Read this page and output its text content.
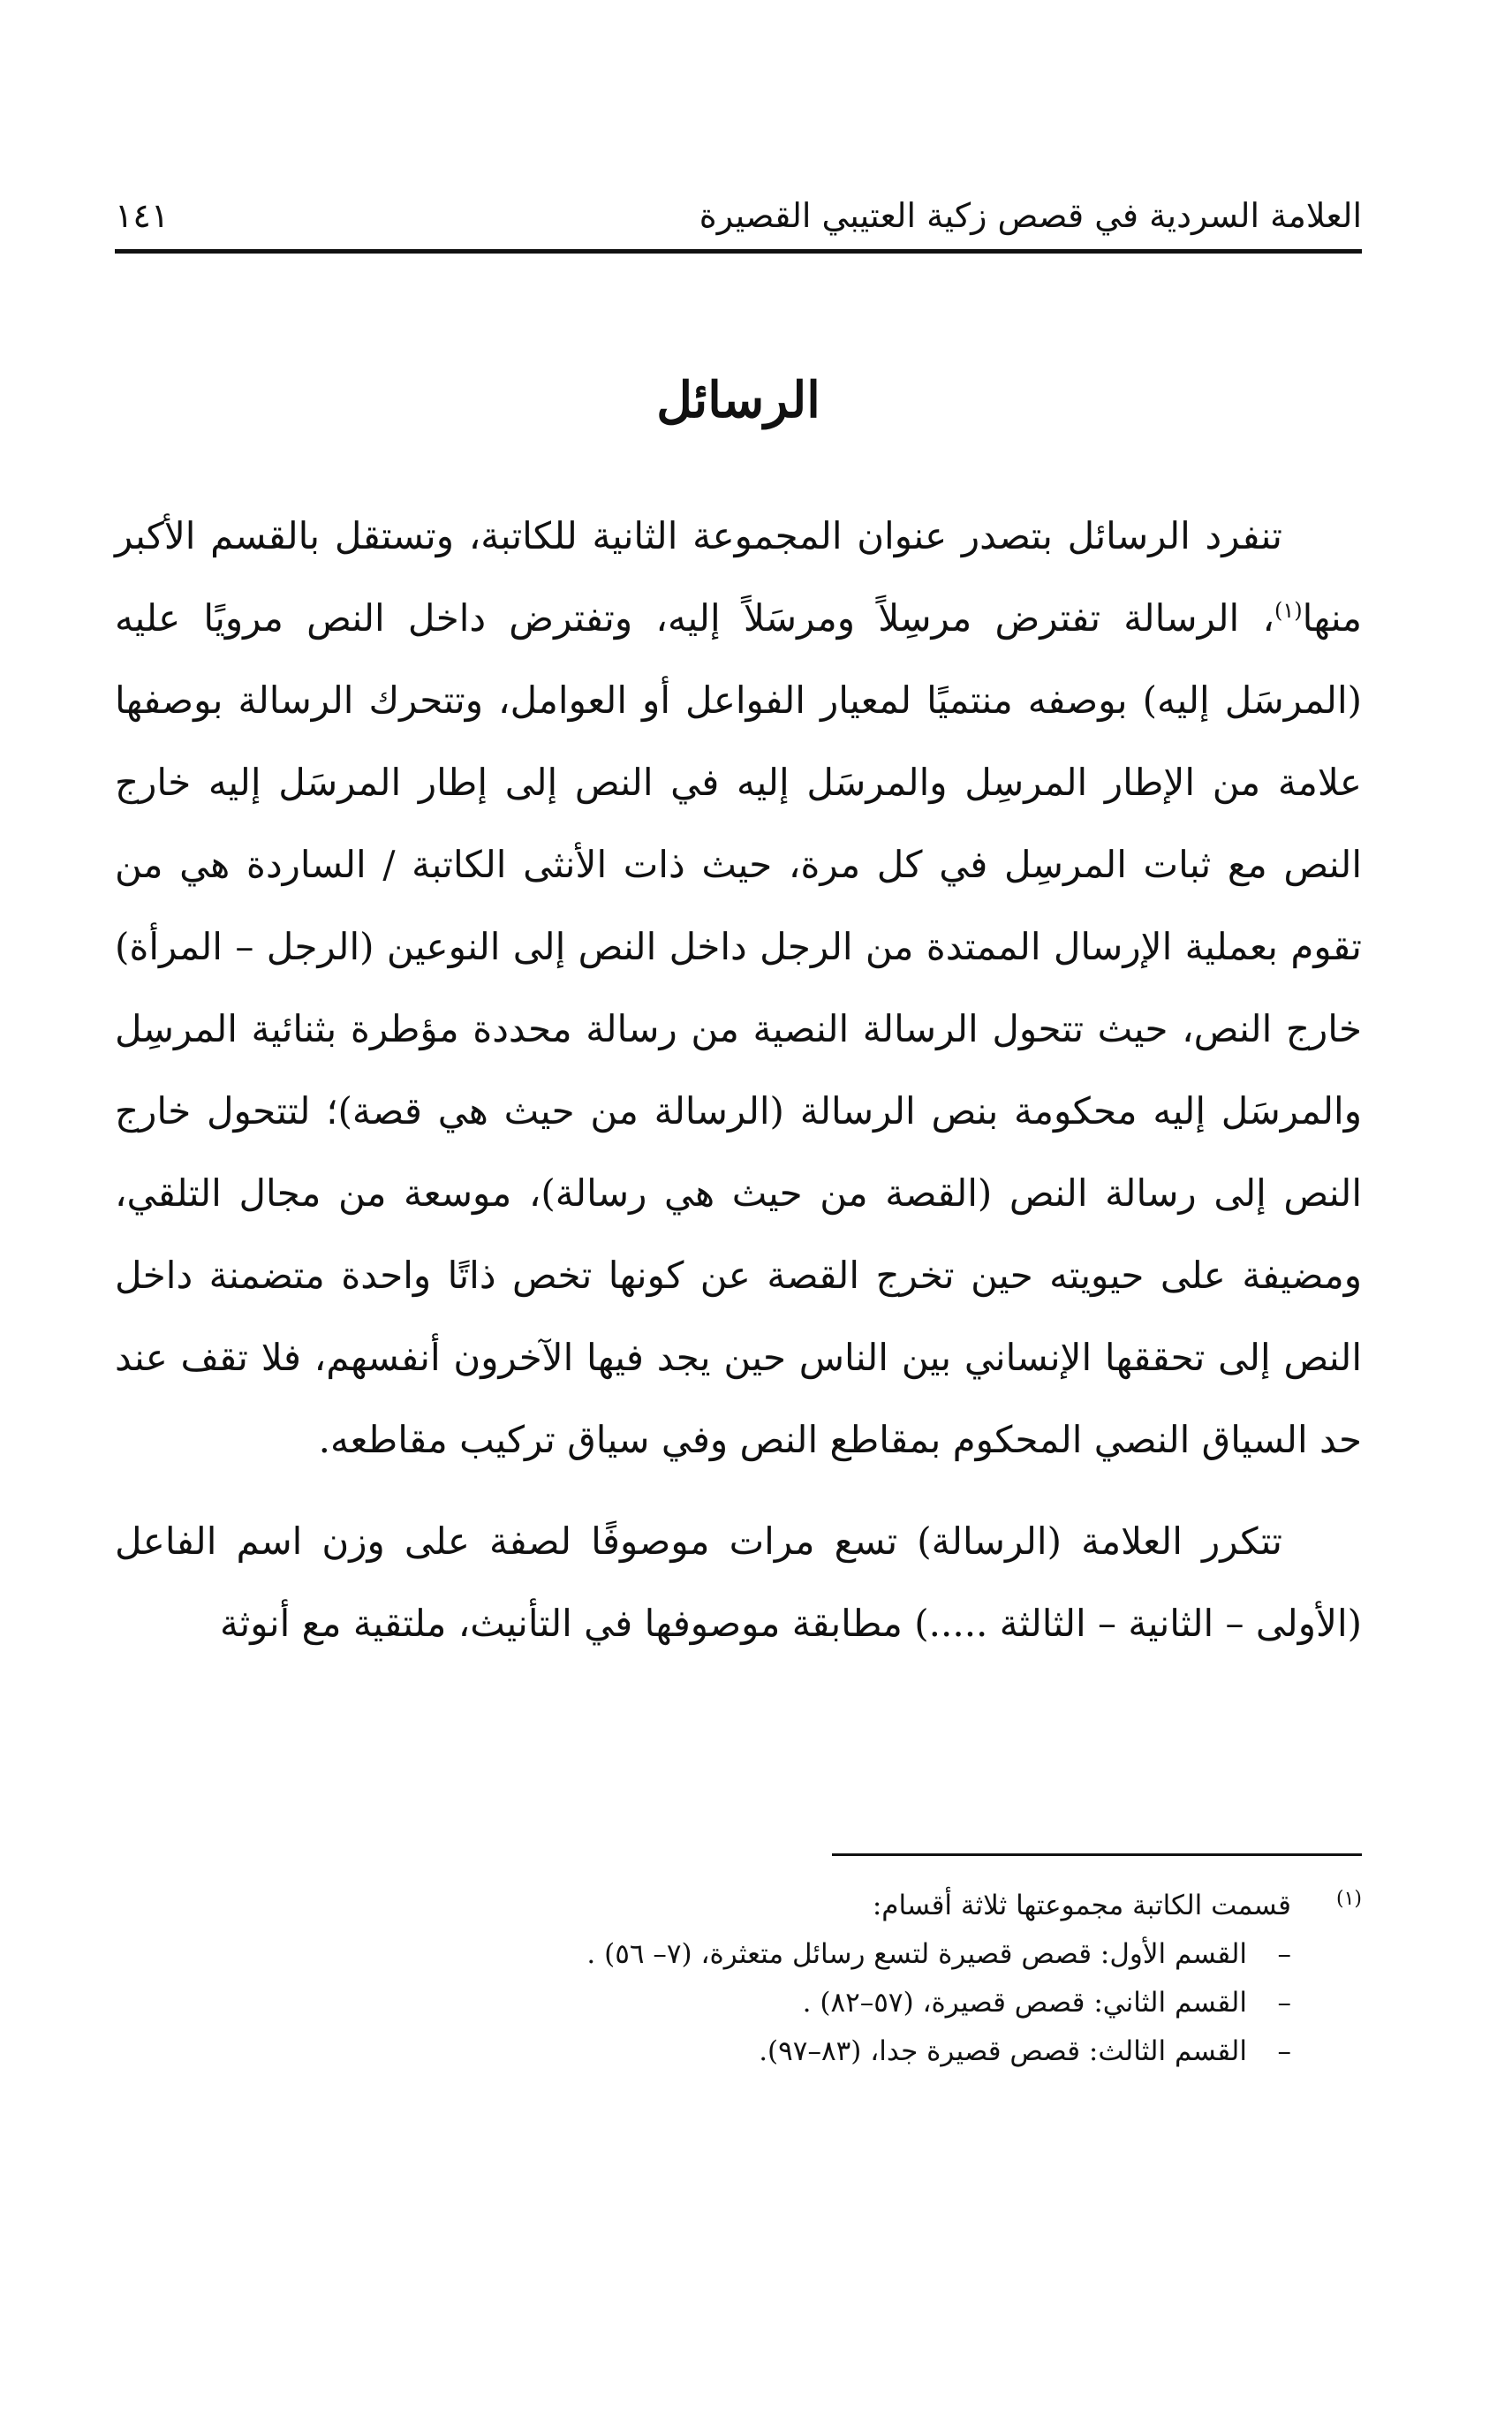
العلامة السردية في قصص زكية العتيبي القصيرة
١٤١
الرسائل

تنفرد الرسائل بتصدر عنوان المجموعة الثانية للكاتبة، وتستقل بالقسم الأكبر منها$^{(١)}$، الرسالة تفترض مرسِلاً ومرسَلاً إليه، وتفترض داخل النص مرويًا عليه (المرسَل إليه) بوصفه منتميًا لمعيار الفواعل أو العوامل، وتتحرك الرسالة بوصفها علامة من الإطار المرسِل والمرسَل إليه في النص إلى إطار المرسَل إليه خارج النص مع ثبات المرسِل في كل مرة، حيث ذات الأنثى الكاتبة / الساردة هي من تقوم بعملية الإرسال الممتدة من الرجل داخل النص إلى النوعين (الرجل – المرأة) خارج النص، حيث تتحول الرسالة النصية من رسالة محددة مؤطرة بثنائية المرسِل والمرسَل إليه محكومة بنص الرسالة (الرسالة من حيث هي قصة)؛ لتتحول خارج النص إلى رسالة النص (القصة من حيث هي رسالة)، موسعة من مجال التلقي، ومضيفة على حيويته حين تخرج القصة عن كونها تخص ذاتًا واحدة متضمنة داخل النص إلى تحققها الإنساني بين الناس حين يجد فيها الآخرون أنفسهم، فلا تقف عند حد السياق النصي المحكوم بمقاطع النص وفي سياق تركيب مقاطعه.

تتكرر العلامة (الرسالة) تسع مرات موصوفًا لصفة على وزن اسم الفاعل (الأولى – الثانية – الثالثة .....) مطابقة موصوفها في التأنيث، ملتقية مع أنوثة

(١)

قسمت الكاتبة مجموعتها ثلاثة أقسام:

–القسم الأول: قصص قصيرة لتسع رسائل متعثرة، (٧– ٥٦) .
–القسم الثاني: قصص قصيرة، (٥٧–٨٢) .
–القسم الثالث: قصص قصيرة جدا، (٨٣–٩٧).
